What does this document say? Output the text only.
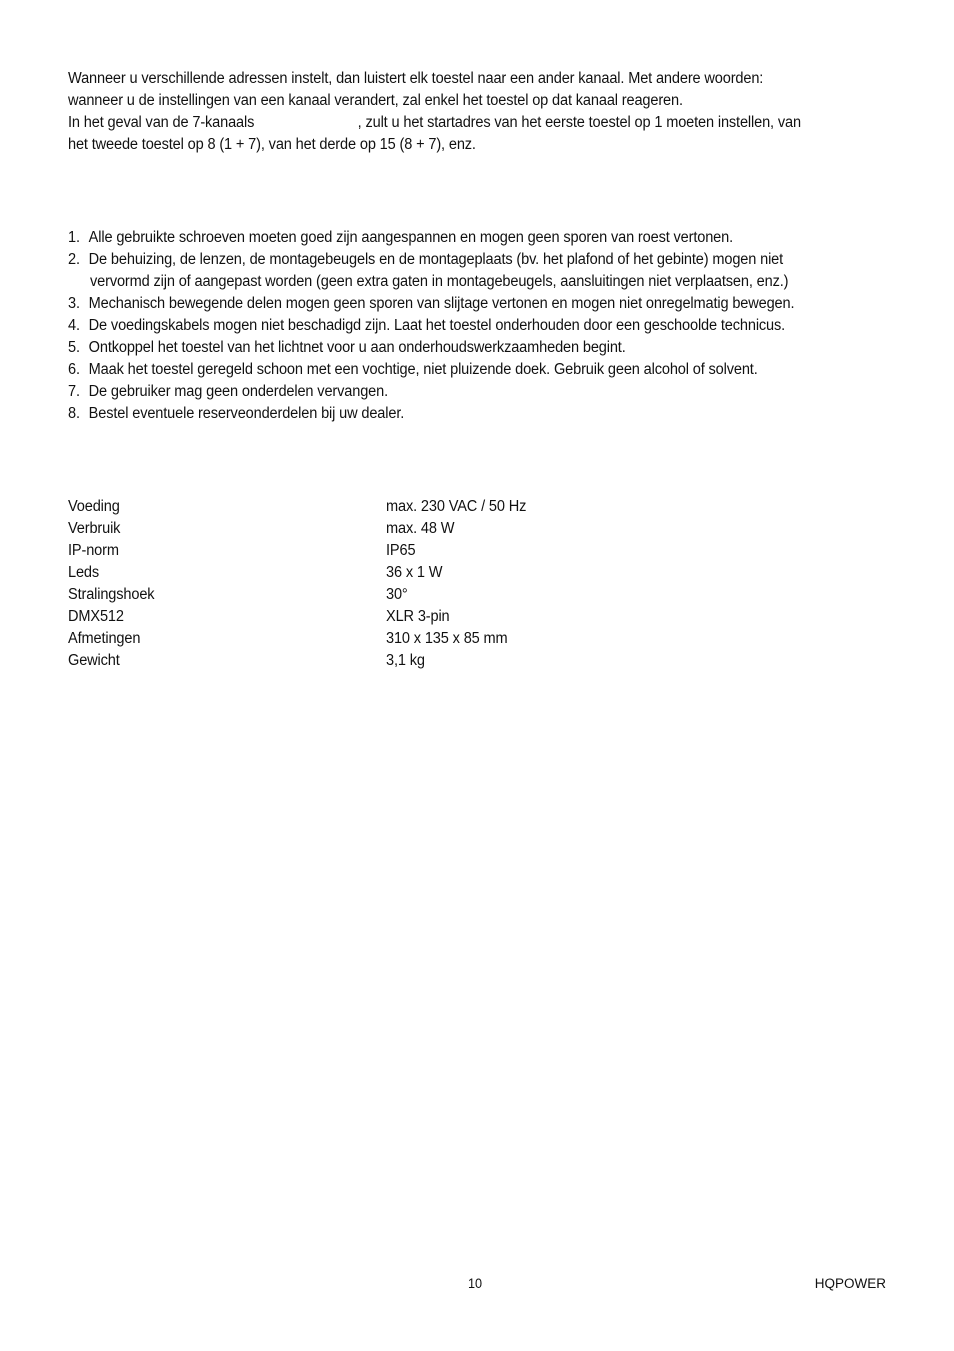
Wanneer u verschillende adressen instelt, dan luistert elk toestel naar een ander kanaal. Met andere woorden:
wanneer u de instellingen van een kanaal verandert, zal enkel het toestel op dat kanaal reageren.
In het geval van de 7-kanaals	, zult u het startadres van het eerste toestel op 1 moeten instellen, van
het tweede toestel op 8 (1 + 7), van het derde op 15 (8 + 7), enz.
1. Alle gebruikte schroeven moeten goed zijn aangespannen en mogen geen sporen van roest vertonen.
2. De behuizing, de lenzen, de montagebeugels en de montageplaats (bv. het plafond of het gebinte) mogen niet
vervormd zijn of aangepast worden (geen extra gaten in montagebeugels, aansluitingen niet verplaatsen, enz.)
3. Mechanisch bewegende delen mogen geen sporen van slijtage vertonen en mogen niet onregelmatig bewegen.
4. De voedingskabels mogen niet beschadigd zijn. Laat het toestel onderhouden door een geschoolde technicus.
5. Ontkoppel het toestel van het lichtnet voor u aan onderhoudswerkzaamheden begint.
6. Maak het toestel geregeld schoon met een vochtige, niet pluizende doek. Gebruik geen alcohol of solvent.
7. De gebruiker mag geen onderdelen vervangen.
8. Bestel eventuele reserveonderdelen bij uw dealer.
Voeding	max. 230 VAC / 50 Hz
Verbruik	max. 48 W
IP-norm	IP65
Leds	36 x 1 W
Stralingshoek	30°
DMX512	XLR 3-pin
Afmetingen	310 x 135 x 85 mm
Gewicht	3,1 kg
10	HQPOWER
